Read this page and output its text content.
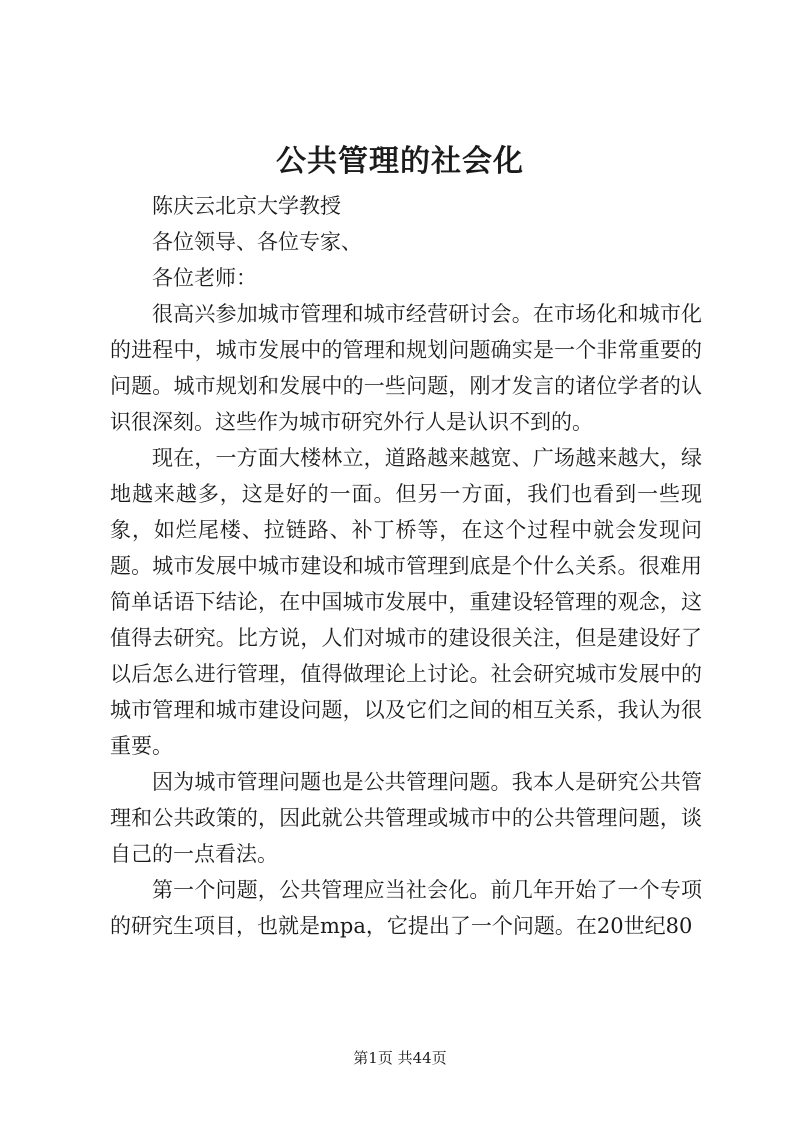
公共管理的社会化

陈庆云北京大学教授

各位领导、各位专家、

各位老师：

很高兴参加城市管理和城市经营研讨会。在市场化和城市化的进程中，城市发展中的管理和规划问题确实是一个非常重要的问题。城市规划和发展中的一些问题，刚才发言的诸位学者的认识很深刻。这些作为城市研究外行人是认识不到的。

现在，一方面大楼林立，道路越来越宽、广场越来越大，绿地越来越多，这是好的一面。但另一方面，我们也看到一些现象，如烂尾楼、拉链路、补丁桥等，在这个过程中就会发现问题。城市发展中城市建设和城市管理到底是个什么关系。很难用简单话语下结论，在中国城市发展中，重建设轻管理的观念，这值得去研究。比方说，人们对城市的建设很关注，但是建设好了以后怎么进行管理，值得做理论上讨论。社会研究城市发展中的城市管理和城市建设问题，以及它们之间的相互关系，我认为很重要。

因为城市管理问题也是公共管理问题。我本人是研究公共管理和公共政策的，因此就公共管理或城市中的公共管理问题，谈自己的一点看法。

第一个问题，公共管理应当社会化。前几年开始了一个专项的研究生项目，也就是mpa，它提出了一个问题。在20世纪80

第1页 共44页
